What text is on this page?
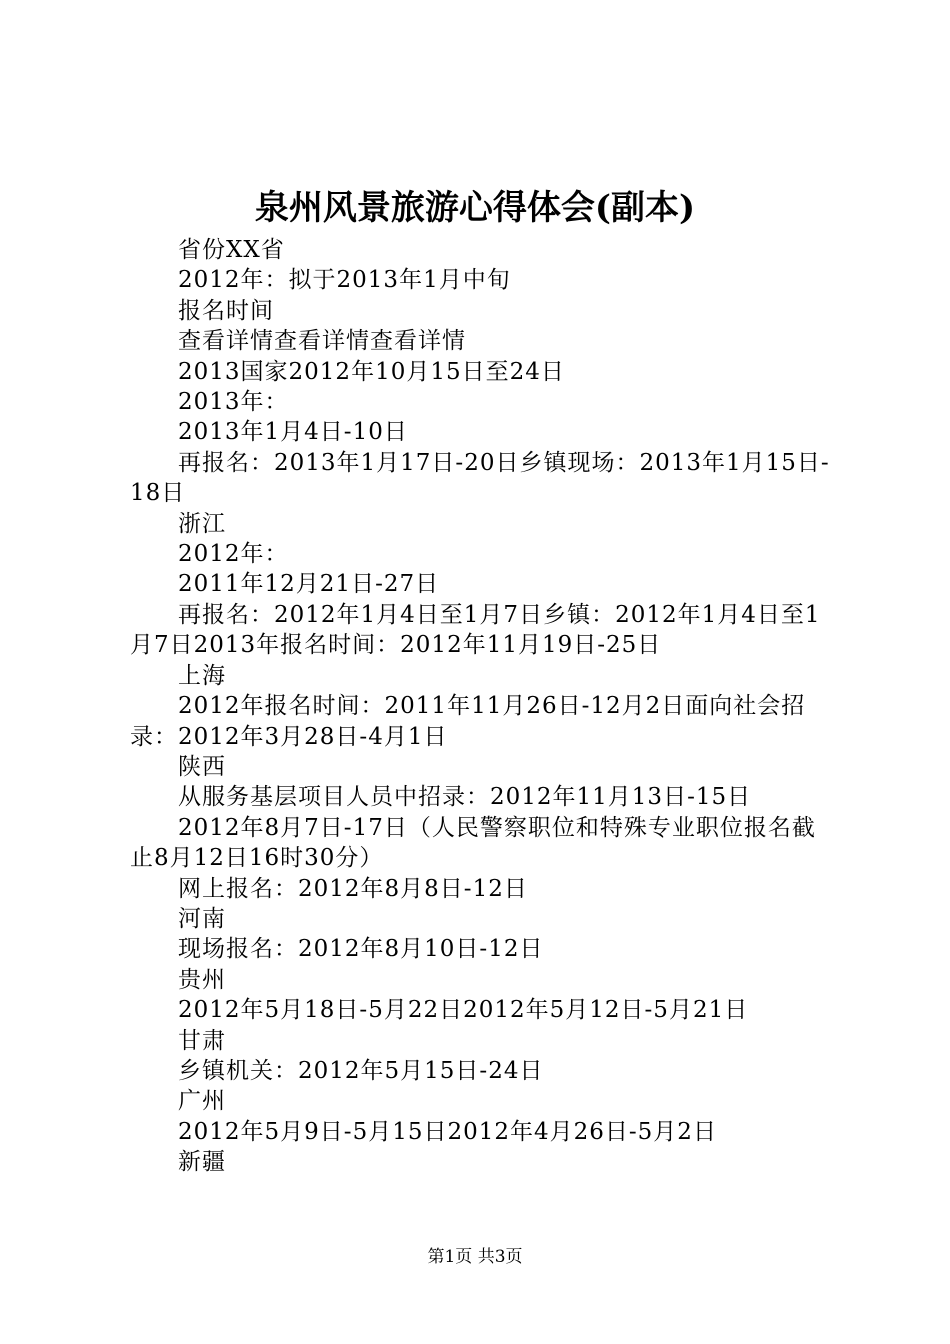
泉州风景旅游心得体会(副本)

省份XX省

2012年：拟于2013年1月中旬

报名时间

查看详情查看详情查看详情

2013国家2012年10月15日至24日

2013年：

2013年1月4日-10日

再报名：2013年1月17日-20日乡镇现场：2013年1月15日-18日

浙江

2012年：

2011年12月21日-27日

再报名：2012年1月4日至1月7日乡镇：2012年1月4日至1月7日2013年报名时间：2012年11月19日-25日

上海

2012年报名时间：2011年11月26日-12月2日面向社会招录：2012年3月28日-4月1日

陕西

从服务基层项目人员中招录：2012年11月13日-15日

2012年8月7日-17日（人民警察职位和特殊专业职位报名截止8月12日16时30分）

网上报名：2012年8月8日-12日

河南

现场报名：2012年8月10日-12日

贵州

2012年5月18日-5月22日2012年5月12日-5月21日

甘肃

乡镇机关：2012年5月15日-24日

广州

2012年5月9日-5月15日2012年4月26日-5月2日

新疆

第1页 共3页
